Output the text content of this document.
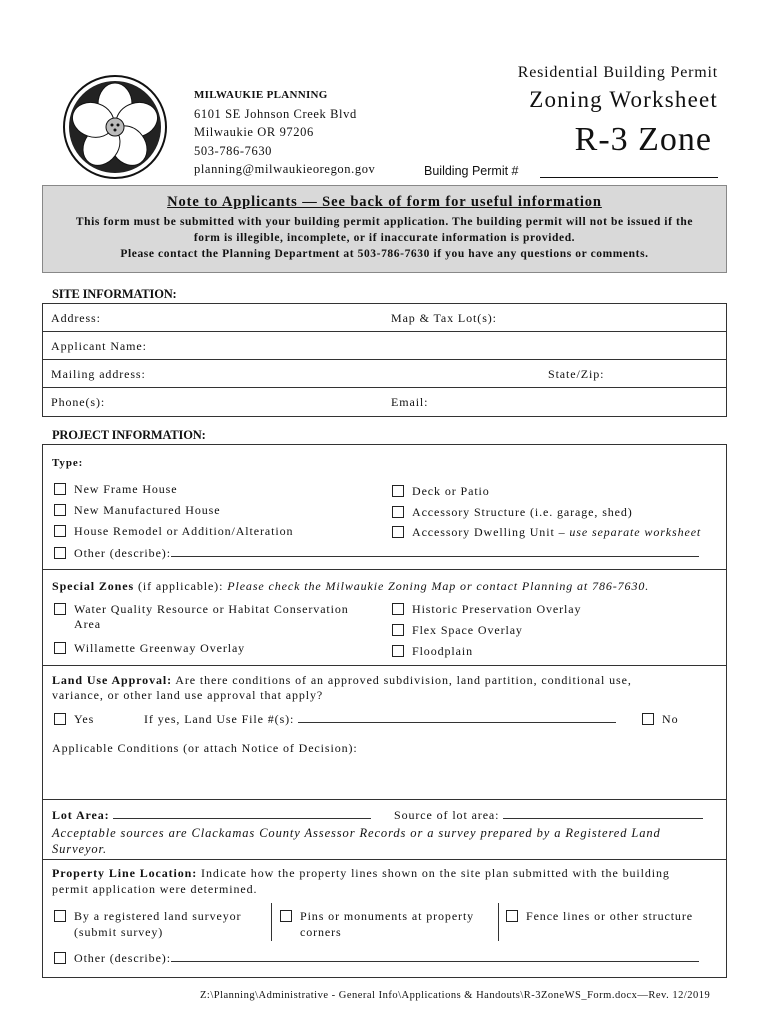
MILWAUKIE PLANNING
6101 SE Johnson Creek Blvd
Milwaukie OR 97206
503-786-7630
planning@milwaukieoregon.gov
Residential Building Permit
Zoning Worksheet
R-3 Zone
Building Permit #
Note to Applicants — See back of form for useful information
This form must be submitted with your building permit application. The building permit will not be issued if the
form is illegible, incomplete, or if inaccurate information is provided.
Please contact the Planning Department at 503-786-7630 if you have any questions or comments.
SITE INFORMATION:
Address:	Map & Tax Lot(s):
Applicant Name:
Mailing address:	State/Zip:
Phone(s):	Email:
PROJECT INFORMATION:
Type:
New Frame House
New Manufactured House
House Remodel or Addition/Alteration
Deck or Patio
Accessory Structure (i.e. garage, shed)
Accessory Dwelling Unit – use separate worksheet
Other (describe):
Special Zones (if applicable): Please check the Milwaukie Zoning Map or contact Planning at 786-7630.
Water Quality Resource or Habitat Conservation
Area
Willamette Greenway Overlay
Historic Preservation Overlay
Flex Space Overlay
Floodplain
Land Use Approval: Are there conditions of an approved subdivision, land partition, conditional use,
variance, or other land use approval that apply?
Yes	If yes, Land Use File #(s):	No
Applicable Conditions (or attach Notice of Decision):
Lot Area:	Source of lot area:
Acceptable sources are Clackamas County Assessor Records or a survey prepared by a Registered Land
Surveyor.
Property Line Location: Indicate how the property lines shown on the site plan submitted with the building
permit application were determined.
By a registered land surveyor
(submit survey)
Pins or monuments at property
corners
Fence lines or other structure
Other (describe):
Z:\Planning\Administrative - General Info\Applications & Handouts\R-3ZoneWS_Form.docx—Rev. 12/2019
